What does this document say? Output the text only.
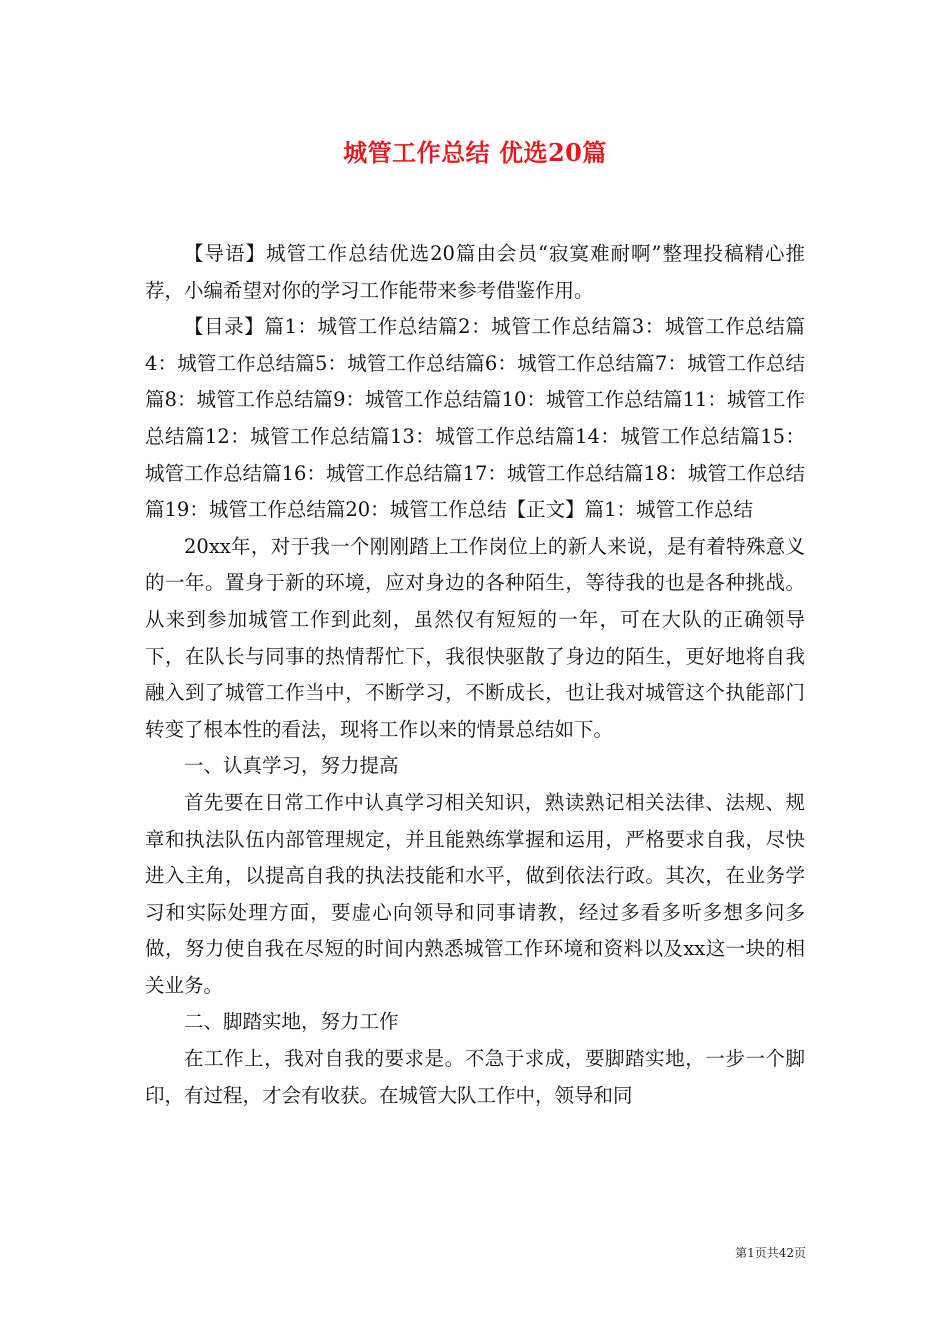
城管工作总结 优选20篇

【导语】城管工作总结优选20篇由会员“寂寞难耐啊”整理投稿精心推荐，小编希望对你的学习工作能带来参考借鉴作用。

【目录】篇1：城管工作总结篇2：城管工作总结篇3：城管工作总结篇4：城管工作总结篇5：城管工作总结篇6：城管工作总结篇7：城管工作总结篇8：城管工作总结篇9：城管工作总结篇10：城管工作总结篇11：城管工作总结篇12：城管工作总结篇13：城管工作总结篇14：城管工作总结篇15：城管工作总结篇16：城管工作总结篇17：城管工作总结篇18：城管工作总结篇19：城管工作总结篇20：城管工作总结【正文】篇1：城管工作总结

20xx年，对于我一个刚刚踏上工作岗位上的新人来说，是有着特殊意义的一年。置身于新的环境，应对身边的各种陌生，等待我的也是各种挑战。从来到参加城管工作到此刻，虽然仅有短短的一年，可在大队的正确领导下，在队长与同事的热情帮忙下，我很快驱散了身边的陌生，更好地将自我融入到了城管工作当中，不断学习，不断成长，也让我对城管这个执能部门转变了根本性的看法，现将工作以来的情景总结如下。

一、认真学习，努力提高

首先要在日常工作中认真学习相关知识，熟读熟记相关法律、法规、规章和执法队伍内部管理规定，并且能熟练掌握和运用，严格要求自我，尽快进入主角，以提高自我的执法技能和水平，做到依法行政。其次，在业务学习和实际处理方面，要虚心向领导和同事请教，经过多看多听多想多问多做，努力使自我在尽短的时间内熟悉城管工作环境和资料以及xx这一块的相关业务。

二、脚踏实地，努力工作

在工作上，我对自我的要求是。不急于求成，要脚踏实地，一步一个脚印，有过程，才会有收获。在城管大队工作中，领导和同

第1页共42页
